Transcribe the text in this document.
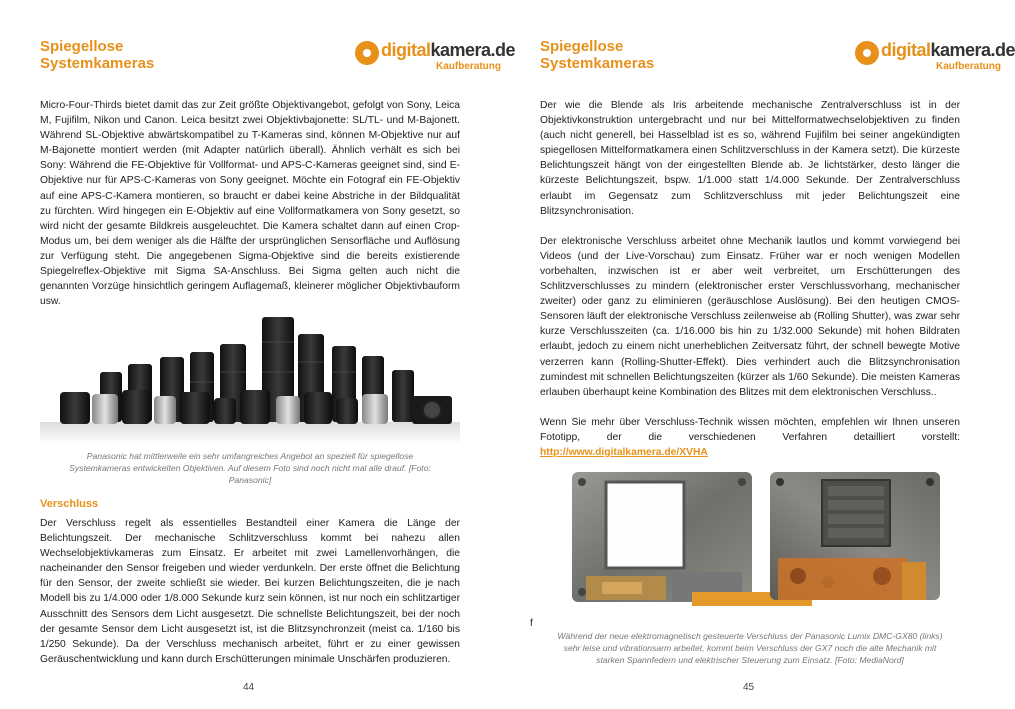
Spiegellose
Systemkameras
digitalkamera.de
Kaufberatung

Micro-Four-Thirds bietet damit das zur Zeit größte Objektivangebot, gefolgt von Sony, Leica M, Fujifilm, Nikon und Canon. Leica besitzt zwei Objektivbajonette: SL/TL- und M-Bajonett. Während SL-Objektive abwärtskompatibel zu T-Kameras sind, können M-Objektive nur auf M-Bajonette montiert werden (mit Adapter natürlich überall). Ähnlich verhält es sich bei Sony: Während die FE-Objektive für Vollformat- und APS-C-Kameras geeignet sind, sind E-Objektive nur für APS-C-Kameras von Sony geeignet. Möchte ein Fotograf ein FE-Objektiv auf eine APS-C-Kamera montieren, so braucht er dabei keine Abstriche in der Bildqualität zu fürchten. Wird hingegen ein E-Objektiv auf eine Vollformatkamera von Sony gesetzt, so wird nicht der gesamte Bildkreis ausgeleuchtet. Die Kamera schaltet dann auf einen Crop-Modus um, bei dem weniger als die Hälfte der ursprünglichen Sensorfläche und Auflösung zur Verfügung steht. Die angegebenen Sigma-Objektive sind die bereits existierende Spiegelreflex-Objektive mit Sigma SA-Anschluss. Bei Sigma gelten auch nicht die genannten Vorzüge hinsichtlich geringem Auflagemaß, kleinerer möglicher Objektivbauform usw.

Panasonic hat mittlerweile ein sehr umfangreiches Angebot an speziell für spiegellose Systemkameras entwickelten Objektiven. Auf diesem Foto sind noch nicht mal alle drauf. [Foto: Panasonic]
Verschluss

Der Verschluss regelt als essentielles Bestandteil einer Kamera die Länge der Belichtungszeit. Der mechanische Schlitzverschluss kommt bei nahezu allen Wechselobjektivkameras zum Einsatz. Er arbeitet mit zwei Lamellenvorhängen, die nacheinander den Sensor freigeben und wieder verdunkeln. Der erste öffnet die Belichtung für den Sensor, der zweite schließt sie wieder. Bei kurzen Belichtungszeiten, die je nach Modell bis zu 1/4.000 oder 1/8.000 Sekunde kurz sein können, ist nur noch ein schlitzartiger Ausschnitt des Sensors dem Licht ausgesetzt. Die schnellste Belichtungszeit, bei der noch der gesamte Sensor dem Licht ausgesetzt ist, ist die Blitzsynchronzeit (meist ca. 1/160 bis 1/250 Sekunde). Da der Verschluss mechanisch arbeitet, führt er zu einer gewissen Geräuschentwicklung und kann durch Erschütterungen minimale Unschärfen produzieren.

44
Spiegellose
Systemkameras
digitalkamera.de
Kaufberatung

Der wie die Blende als Iris arbeitende mechanische Zentralverschluss ist in der Objektivkonstruktion untergebracht und nur bei Mittelformatwechselobjektiven zu finden (auch nicht generell, bei Hasselblad ist es so, während Fujifilm bei seiner angekündigten spiegellosen Mittelformatkamera einen Schlitzverschluss in der Kamera setzt). Die kürzeste Belichtungszeit hängt von der eingestellten Blende ab. Je lichtstärker, desto länger die kürzeste Belichtungszeit, bspw. 1/1.000 statt 1/4.000 Sekunde. Der Zentralverschluss erlaubt im Gegensatz zum Schlitzverschluss mit jeder Belichtungszeit eine Blitzsynchronisation.

Der elektronische Verschluss arbeitet ohne Mechanik lautlos und kommt vorwiegend bei Videos (und der Live-Vorschau) zum Einsatz. Früher war er noch wenigen Modellen vorbehalten, inzwischen ist er aber weit verbreitet, um Erschütterungen des Schlitzverschlusses zu mindern (elektronischer erster Verschlussvorhang, mechanischer zweiter) oder ganz zu eliminieren (geräuschlose Auslösung). Bei den heutigen CMOS-Sensoren läuft der elektronische Verschluss zeilenweise ab (Rolling Shutter), was zwar sehr kurze Verschlusszeiten (ca. 1/16.000 bis hin zu 1/32.000 Sekunde) mit hohen Bildraten erlaubt, jedoch zu einem nicht unerheblichen Zeitversatz führt, der schnell bewegte Motive verzerren kann (Rolling-Shutter-Effekt). Dies verhindert auch die Blitzsynchronisation zumindest mit schnellen Belichtungszeiten (kürzer als 1/60 Sekunde). Die meisten Kameras erlauben überhaupt keine Kombination des Blitzes mit dem elektronischen Verschluss..

Wenn Sie mehr über Verschluss-Technik wissen möchten, empfehlen wir Ihnen unseren Fototipp, der die verschiedenen Verfahren detailliert vorstellt: http://www.digitalkamera.de/XVHA

f
Während der neue elektromagnetisch gesteuerte Verschluss der Panasonic Lumix DMC-GX80 (links) sehr leise und vibrationsarm arbeitet, kommt beim Verschluss der GX7 noch die alte Mechanik mit starken Spannfedern und elektrischer Steuerung zum Einsatz. [Foto: MediaNord]
45
